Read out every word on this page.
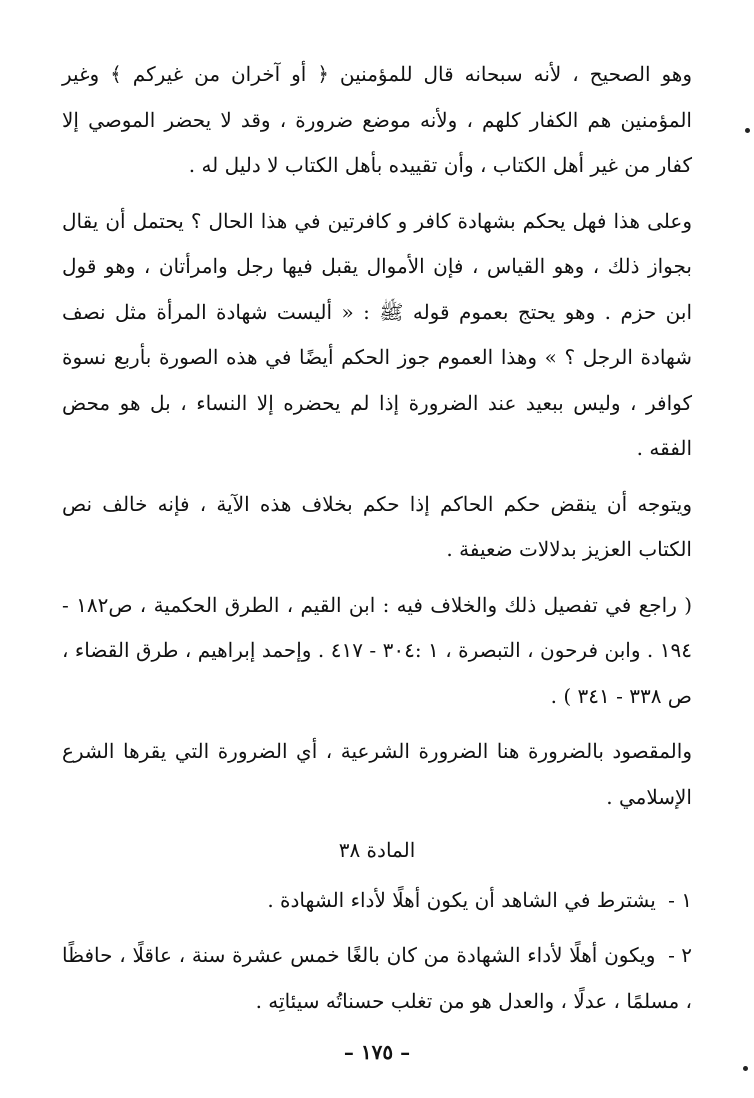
وهو الصحيح ، لأنه سبحانه قال للمؤمنين ﴿ أو آخران من غيركم ﴾ وغير المؤمنين هم الكفار كلهم ، ولأنه موضع ضرورة ، وقد لا يحضر الموصي إلا كفار من غير أهل الكتاب ، وأن تقييده بأهل الكتاب لا دليل له .

وعلى هذا فهل يحكم بشهادة كافر و كافرتين في هذا الحال ؟ يحتمل أن يقال بجواز ذلك ، وهو القياس ، فإن الأموال يقبل فيها رجل وامرأتان ، وهو قول ابن حزم . وهو يحتج بعموم قوله ﷺ : « أليست شهادة المرأة مثل نصف شهادة الرجل ؟ » وهذا العموم جوز الحكم أيضًا في هذه الصورة بأربع نسوة كوافر ، وليس ببعيد عند الضرورة إذا لم يحضره إلا النساء ، بل هو محض الفقه .

ويتوجه أن ينقض حكم الحاكم إذا حكم بخلاف هذه الآية ، فإنه خالف نص الكتاب العزيز بدلالات ضعيفة .

( راجع في تفصيل ذلك والخلاف فيه : ابن القيم ، الطرق الحكمية ، ص١٨٢ - ١٩٤ . وابن فرحون ، التبصرة ، ١ :٣٠٤ - ٤١٧ . وإحمد إبراهيم ، طرق القضاء ، ص ٣٣٨ - ٣٤١ ) .

والمقصود بالضرورة هنا الضرورة الشرعية ، أي الضرورة التي يقرها الشرع الإسلامي .

المادة ٣٨

١ - يشترط في الشاهد أن يكون أهلًا لأداء الشهادة .

٢ - ويكون أهلًا لأداء الشهادة من كان بالغًا خمس عشرة سنة ، عاقلًا ، حافظًا ، مسلمًا ، عدلًا ، والعدل هو من تغلب حسناتُه سيئاتِه .

– ١٧٥ –
